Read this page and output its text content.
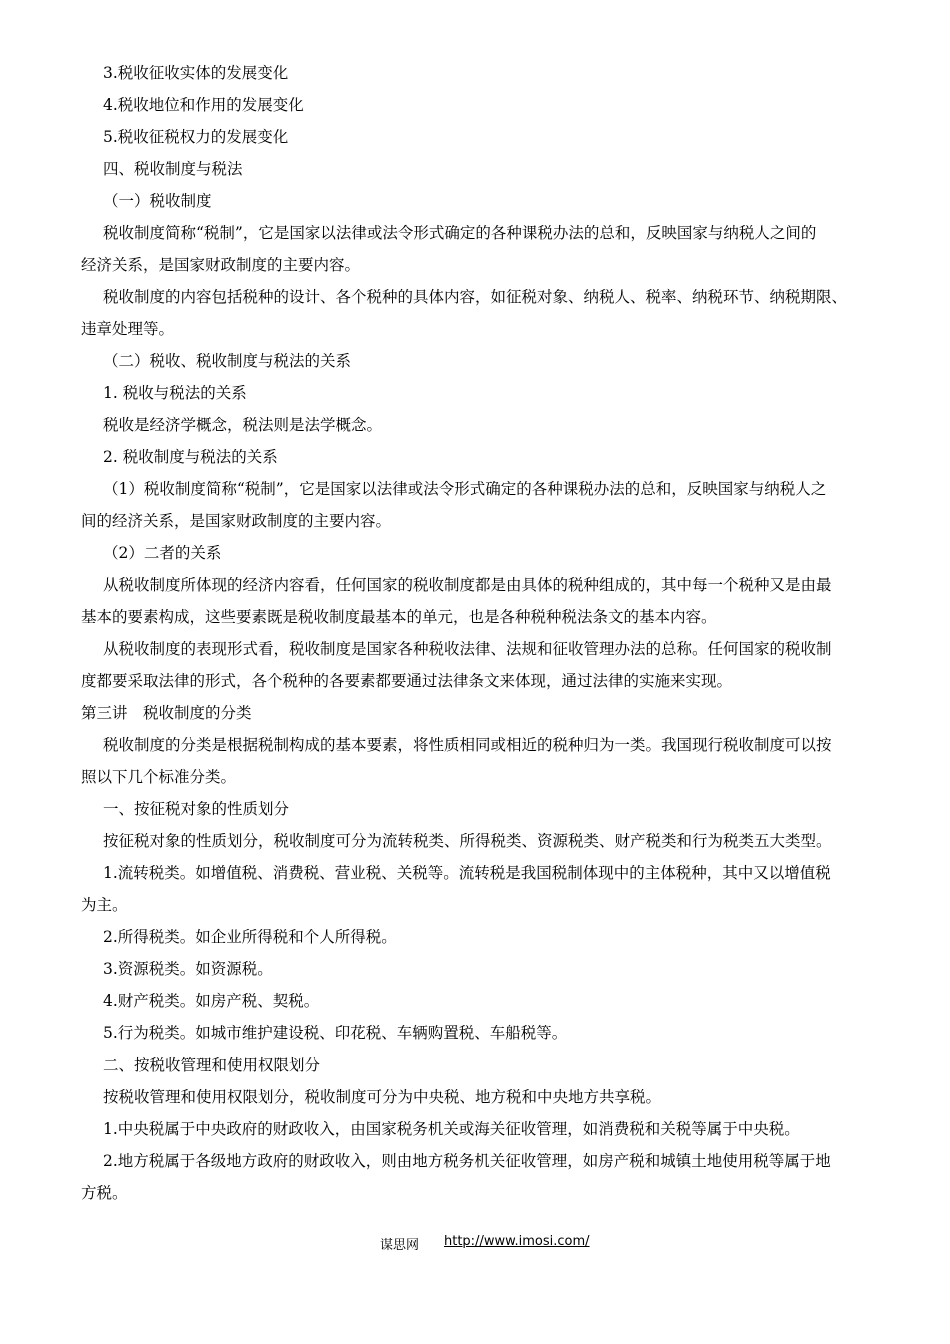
3.税收征收实体的发展变化
4.税收地位和作用的发展变化
5.税收征税权力的发展变化
四、税收制度与税法
（一）税收制度
税收制度简称“税制”，它是国家以法律或法令形式确定的各种课税办法的总和，反映国家与纳税人之间的
经济关系，是国家财政制度的主要内容。
税收制度的内容包括税种的设计、各个税种的具体内容，如征税对象、纳税人、税率、纳税环节、纳税期限、
违章处理等。
（二）税收、税收制度与税法的关系
1. 税收与税法的关系
税收是经济学概念，税法则是法学概念。
2. 税收制度与税法的关系
（1）税收制度简称“税制”，它是国家以法律或法令形式确定的各种课税办法的总和，反映国家与纳税人之
间的经济关系，是国家财政制度的主要内容。
（2）二者的关系
从税收制度所体现的经济内容看，任何国家的税收制度都是由具体的税种组成的，其中每一个税种又是由最
基本的要素构成，这些要素既是税收制度最基本的单元，也是各种税种税法条文的基本内容。
从税收制度的表现形式看，税收制度是国家各种税收法律、法规和征收管理办法的总称。任何国家的税收制
度都要采取法律的形式，各个税种的各要素都要通过法律条文来体现，通过法律的实施来实现。
第三讲　税收制度的分类
税收制度的分类是根据税制构成的基本要素，将性质相同或相近的税种归为一类。我国现行税收制度可以按
照以下几个标准分类。
一、按征税对象的性质划分
按征税对象的性质划分，税收制度可分为流转税类、所得税类、资源税类、财产税类和行为税类五大类型。
1.流转税类。如增值税、消费税、营业税、关税等。流转税是我国税制体现中的主体税种，其中又以增值税
为主。
2.所得税类。如企业所得税和个人所得税。
3.资源税类。如资源税。
4.财产税类。如房产税、契税。
5.行为税类。如城市维护建设税、印花税、车辆购置税、车船税等。
二、按税收管理和使用权限划分
按税收管理和使用权限划分，税收制度可分为中央税、地方税和中央地方共享税。
1.中央税属于中央政府的财政收入，由国家税务机关或海关征收管理，如消费税和关税等属于中央税。
2.地方税属于各级地方政府的财政收入，则由地方税务机关征收管理，如房产税和城镇土地使用税等属于地
方税。
谋思网 http://www.imosi.com/
